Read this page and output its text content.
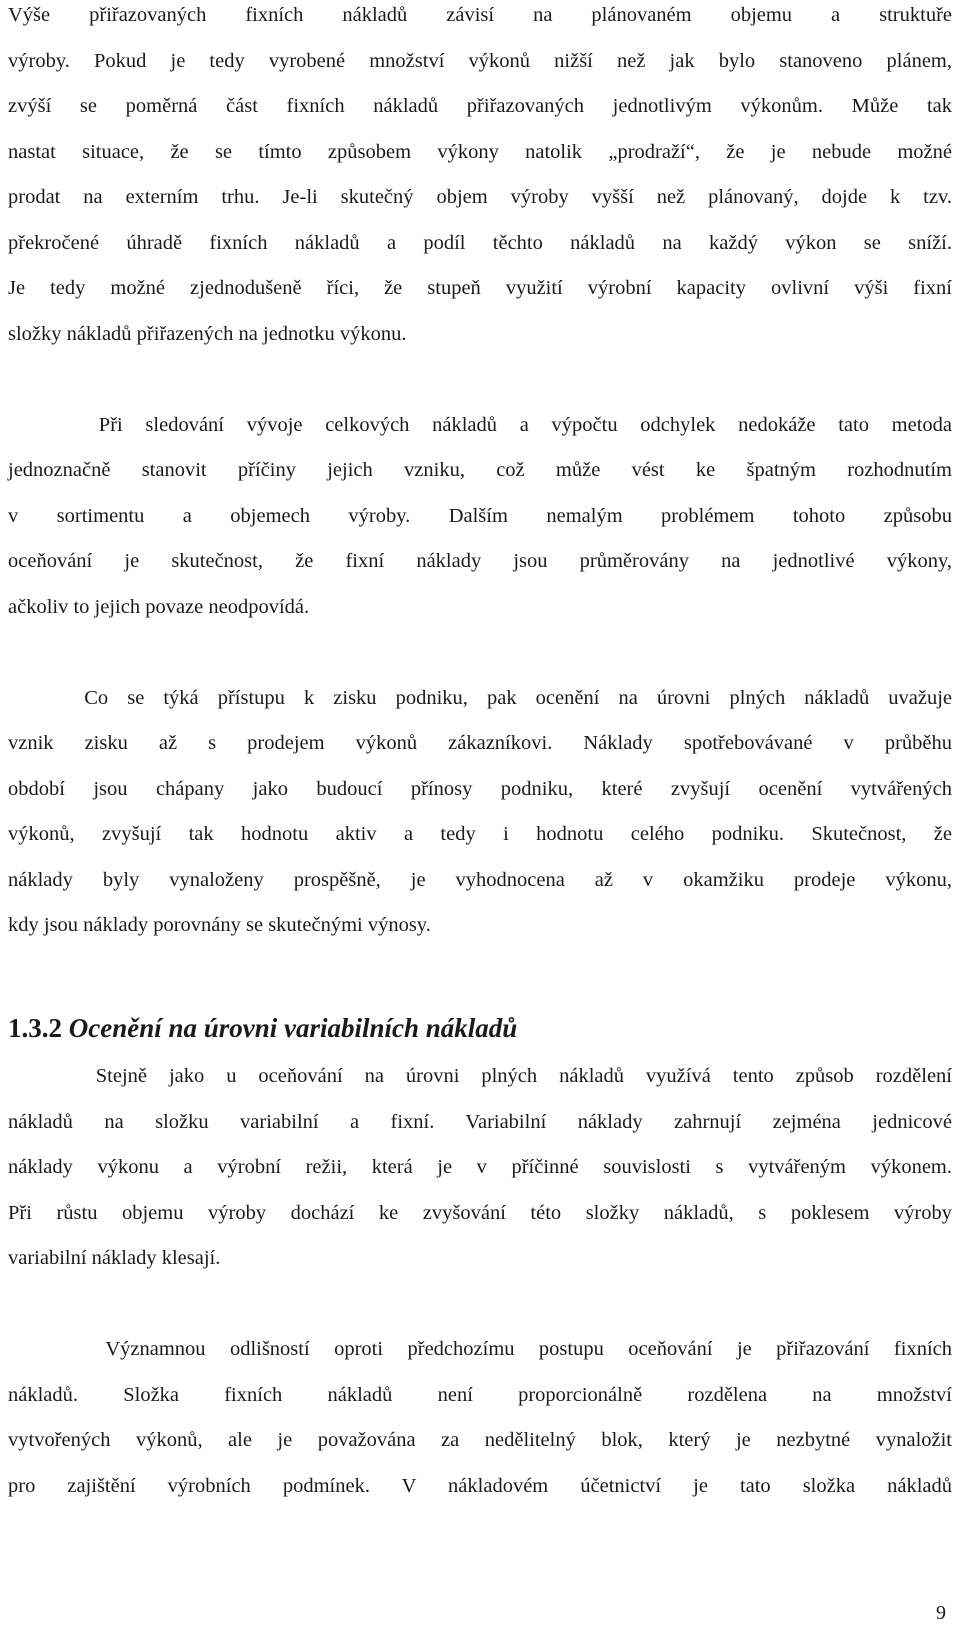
Výše přiřazovaných fixních nákladů závisí na plánovaném objemu a struktuře
výroby. Pokud je tedy vyrobené množství výkonů nižší než jak bylo stanoveno plánem,
zvýší se poměrná část fixních nákladů přiřazovaných jednotlivým výkonům. Může tak
nastat situace, že se tímto způsobem výkony natolik „prodraží“, že je nebude možné
prodat na externím trhu. Je-li skutečný objem výroby vyšší než plánovaný, dojde k tzv.
překročené úhradě fixních nákladů a podíl těchto nákladů na každý výkon se sníží.
Je tedy možné zjednodušeně říci, že stupeň využití výrobní kapacity ovlivní výši fixní
složky nákladů přiřazených na jednotku výkonu.
Při sledování vývoje celkových nákladů a výpočtu odchylek nedokáže tato metoda
jednoznačně stanovit příčiny jejich vzniku, což může vést ke špatným rozhodnutím
v sortimentu a objemech výroby. Dalším nemalým problémem tohoto způsobu
oceňování je skutečnost, že fixní náklady jsou průměrovány na jednotlivé výkony,
ačkoliv to jejich povaze neodpovídá.
Co se týká přístupu k zisku podniku, pak ocenění na úrovni plných nákladů uvažuje
vznik zisku až s prodejem výkonů zákazníkovi. Náklady spotřebovávané v průběhu
období jsou chápany jako budoucí přínosy podniku, které zvyšují ocenění vytvářených
výkonů, zvyšují tak hodnotu aktiv a tedy i hodnotu celého podniku. Skutečnost, že
náklady byly vynaloženy prospěšně, je vyhodnocena až v okamžiku prodeje výkonu,
kdy jsou náklady porovnány se skutečnými výnosy.
1.3.2 Ocenění na úrovni variabilních nákladů
Stejně jako u oceňování na úrovni plných nákladů využívá tento způsob rozdělení
nákladů na složku variabilní a fixní. Variabilní náklady zahrnují zejména jednicové
náklady výkonu a výrobní režii, která je v příčinné souvislosti s vytvářeným výkonem.
Při růstu objemu výroby dochází ke zvyšování této složky nákladů, s poklesem výroby
variabilní náklady klesají.
Významnou odlišností oproti předchozímu postupu oceňování je přiřazování fixních
nákladů. Složka fixních nákladů není proporcionálně rozdělena na množství
vytvořených výkonů, ale je považována za nedělitelný blok, který je nezbytné vynaložit
pro zajištění výrobních podmínek. V nákladovém účetnictví je tato složka nákladů
9
